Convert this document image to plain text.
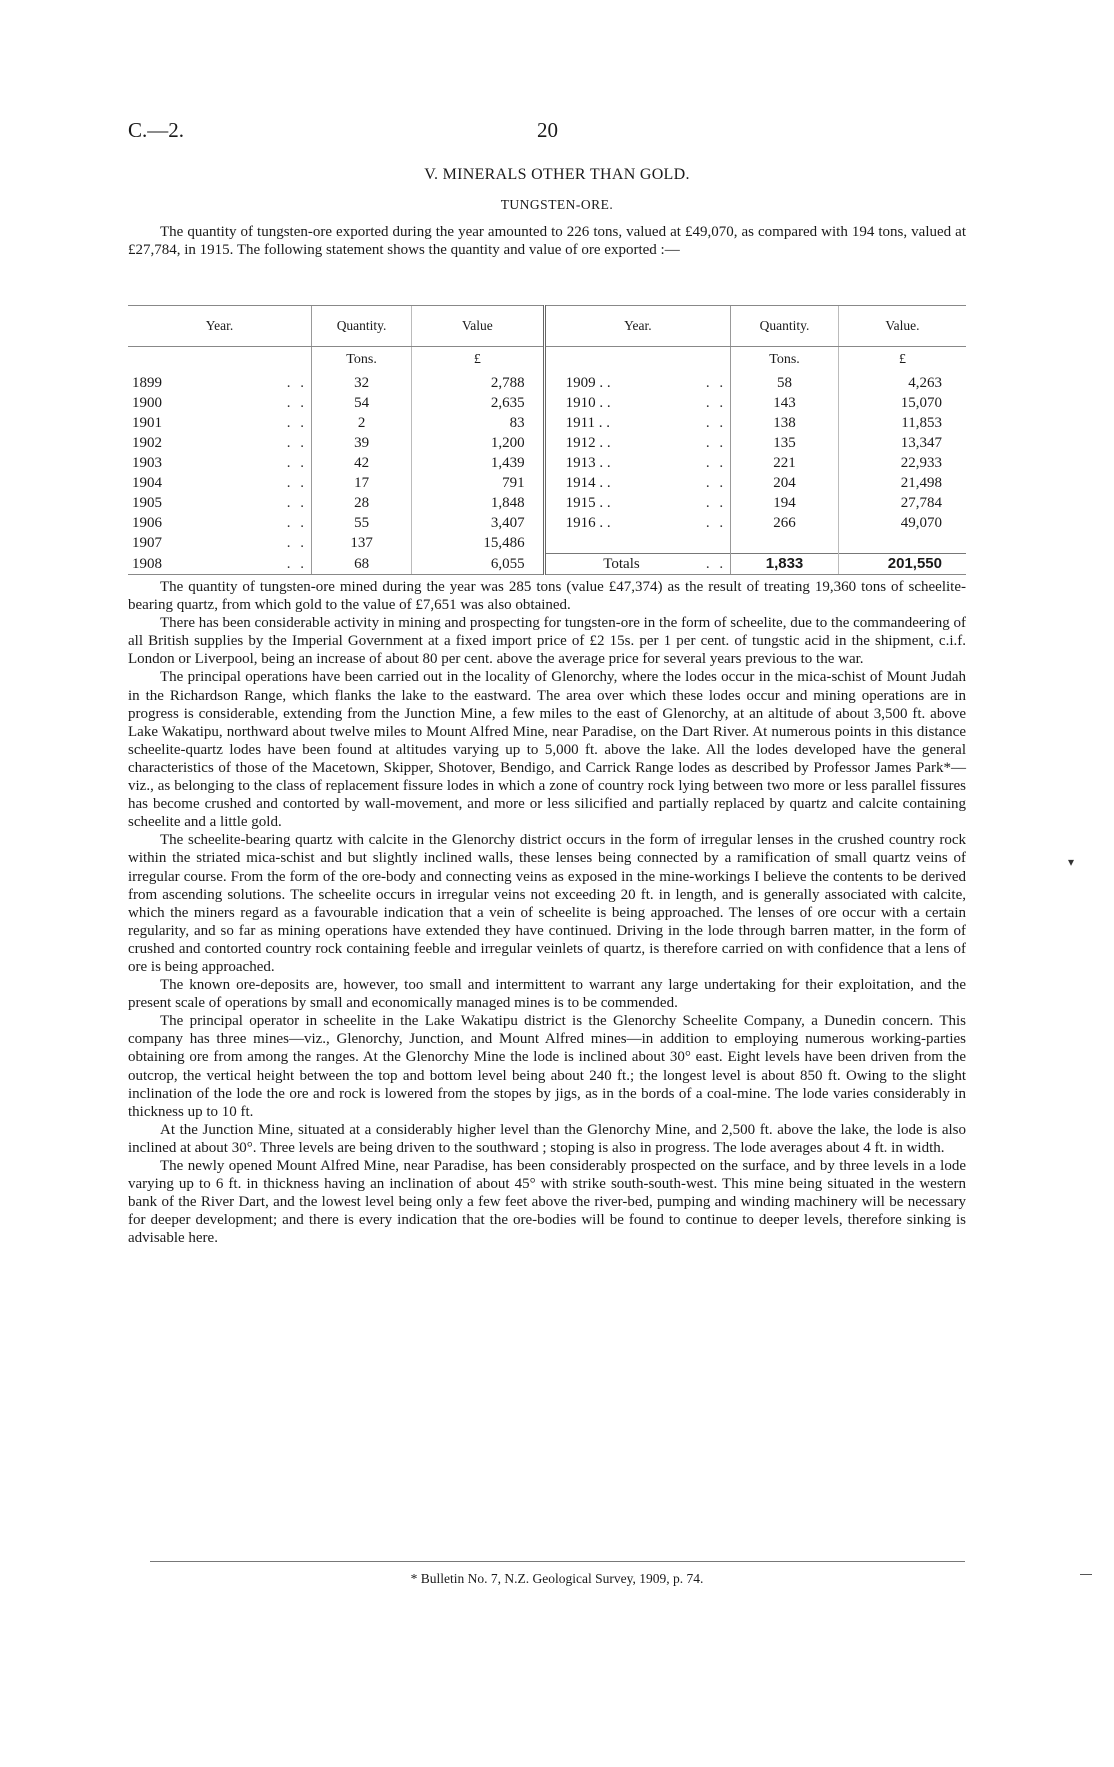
C.—2.	20
V. MINERALS OTHER THAN GOLD.
TUNGSTEN-ORE.

The quantity of tungsten-ore exported during the year amounted to 226 tons, valued at £49,070, as compared with 194 tons, valued at £27,784, in 1915. The following statement shows the quantity and value of ore exported :—

Year.		Quantity.	Value	Year.		Quantity.	Value.
		Tons.	£			Tons.	£
1899	. .	32	2,788	1909 . .	. .	58	4,263
1900	. .	54	2,635	1910 . .	. .	143	15,070
1901	. .	2	83	1911 . .	. .	138	11,853
1902	. .	39	1,200	1912 . .	. .	135	13,347
1903	. .	42	1,439	1913 . .	. .	221	22,933
1904	. .	17	791	1914 . .	. .	204	21,498
1905	. .	28	1,848	1915 . .	. .	194	27,784
1906	. .	55	3,407	1916 . .	. .	266	49,070
1907	. .	137	15,486				
1908	. .	68	6,055	Totals	. .	1,833	201,550

The quantity of tungsten-ore mined during the year was 285 tons (value £47,374) as the result of treating 19,360 tons of scheelite-bearing quartz, from which gold to the value of £7,651 was also obtained.

There has been considerable activity in mining and prospecting for tungsten-ore in the form of scheelite, due to the commandeering of all British supplies by the Imperial Government at a fixed import price of £2 15s. per 1 per cent. of tungstic acid in the shipment, c.i.f. London or Liverpool, being an increase of about 80 per cent. above the average price for several years previous to the war.

The principal operations have been carried out in the locality of Glenorchy, where the lodes occur in the mica-schist of Mount Judah in the Richardson Range, which flanks the lake to the eastward. The area over which these lodes occur and mining operations are in progress is considerable, extending from the Junction Mine, a few miles to the east of Glenorchy, at an altitude of about 3,500 ft. above Lake Wakatipu, northward about twelve miles to Mount Alfred Mine, near Paradise, on the Dart River. At numerous points in this distance scheelite-quartz lodes have been found at altitudes varying up to 5,000 ft. above the lake. All the lodes developed have the general characteristics of those of the Macetown, Skipper, Shotover, Bendigo, and Carrick Range lodes as described by Professor James Park*—viz., as belonging to the class of replacement fissure lodes in which a zone of country rock lying between two more or less parallel fissures has become crushed and contorted by wall-movement, and more or less silicified and partially replaced by quartz and calcite containing scheelite and a little gold.

The scheelite-bearing quartz with calcite in the Glenorchy district occurs in the form of irregular lenses in the crushed country rock within the striated mica-schist and but slightly inclined walls, these lenses being connected by a ramification of small quartz veins of irregular course. From the form of the ore-body and connecting veins as exposed in the mine-workings I believe the contents to be derived from ascending solutions. The scheelite occurs in irregular veins not exceeding 20 ft. in length, and is generally associated with calcite, which the miners regard as a favourable indication that a vein of scheelite is being approached. The lenses of ore occur with a certain regularity, and so far as mining operations have extended they have continued. Driving in the lode through barren matter, in the form of crushed and contorted country rock containing feeble and irregular veinlets of quartz, is therefore carried on with confidence that a lens of ore is being approached.

The known ore-deposits are, however, too small and intermittent to warrant any large undertaking for their exploitation, and the present scale of operations by small and economically managed mines is to be commended.

The principal operator in scheelite in the Lake Wakatipu district is the Glenorchy Scheelite Company, a Dunedin concern. This company has three mines—viz., Glenorchy, Junction, and Mount Alfred mines—in addition to employing numerous working-parties obtaining ore from among the ranges. At the Glenorchy Mine the lode is inclined about 30° east. Eight levels have been driven from the outcrop, the vertical height between the top and bottom level being about 240 ft.; the longest level is about 850 ft. Owing to the slight inclination of the lode the ore and rock is lowered from the stopes by jigs, as in the bords of a coal-mine. The lode varies considerably in thickness up to 10 ft.

At the Junction Mine, situated at a considerably higher level than the Glenorchy Mine, and 2,500 ft. above the lake, the lode is also inclined at about 30°. Three levels are being driven to the southward ; stoping is also in progress. The lode averages about 4 ft. in width.

The newly opened Mount Alfred Mine, near Paradise, has been considerably prospected on the surface, and by three levels in a lode varying up to 6 ft. in thickness having an inclination of about 45° with strike south-south-west. This mine being situated in the western bank of the River Dart, and the lowest level being only a few feet above the river-bed, pumping and winding machinery will be necessary for deeper development; and there is every indication that the ore-bodies will be found to continue to deeper levels, therefore sinking is advisable here.

* Bulletin No. 7, N.Z. Geological Survey, 1909, p. 74.
▾
